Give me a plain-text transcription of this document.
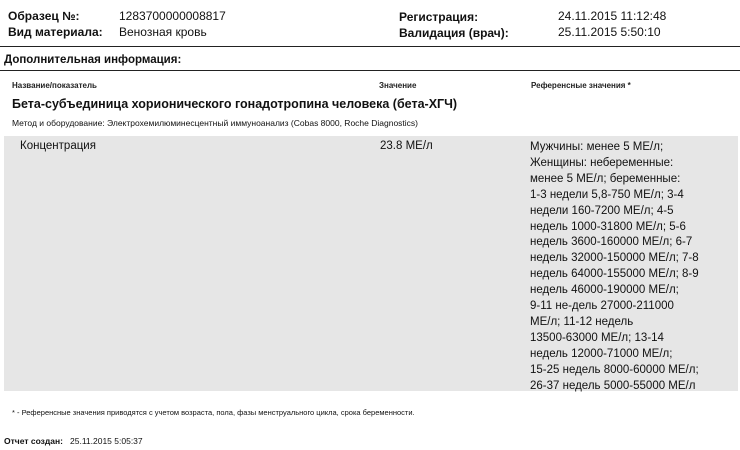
Образец №:	1283700000008817
Вид материала: Венозная кровь
Регистрация:	24.11.2015 11:12:48
Валидация (врач):	25.11.2015 5:50:10
Дополнительная информация:
Название/показатель	Значение	Референсные значения *
Бета-субъединица хорионического гонадотропина человека (бета-ХГЧ)
Метод и оборудование: Электрохемилюминесцентный иммуноанализ (Cobas 8000, Roche Diagnostics)
Концентрация	23.8 МЕ/л	Мужчины: менее 5 МЕ/л;
Женщины: небеременные:
менее 5 МЕ/л; беременные:
1-3 недели 5,8-750 МЕ/л; 3-4
недели 160-7200 МЕ/л; 4-5
недель 1000-31800 МЕ/л; 5-6
недель 3600-160000 МЕ/л; 6-7
недель 32000-150000 МЕ/л; 7-8
недель 64000-155000 МЕ/л; 8-9
недель 46000-190000 МЕ/л;
9-11 не-дель 27000-211000
МЕ/л; 11-12 недель
13500-63000 МЕ/л; 13-14
недель 12000-71000 МЕ/л;
15-25 недель 8000-60000 МЕ/л;
26-37 недель 5000-55000 МЕ/л
* - Референсные значения приводятся с учетом возраста, пола, фазы менструального цикла, срока беременности.
Отчет создан: 25.11.2015 5:05:37
